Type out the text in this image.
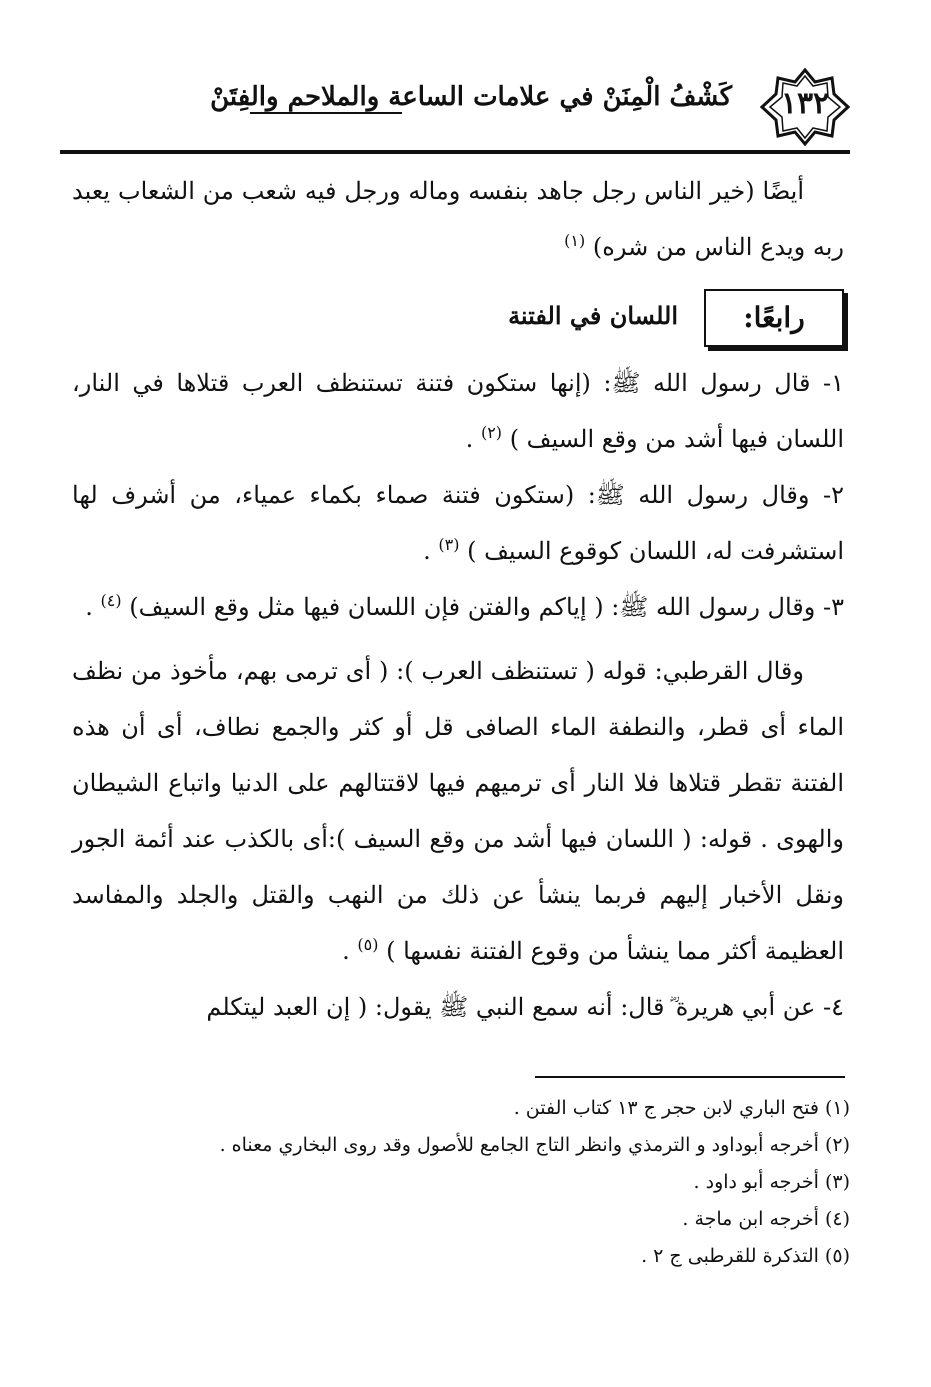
١٣٢
كَشْفُ الْمِنَنْ في علامات الساعة والملاحم والفِتَنْ

أيضًا (خير الناس رجل جاهد بنفسه وماله ورجل فيه شعب من الشعاب يعبد ربه ويدع الناس من شره) $^{(١)}$

رابعًا:
اللسان في الفتنة

١- قال رسول الله ﷺ: (إنها ستكون فتنة تستنظف العرب قتلاها في النار، اللسان فيها أشد من وقع السيف ) $^{(٢)}$ .

٢- وقال رسول الله ﷺ: (ستكون فتنة صماء بكماء عمياء، من أشرف لها استشرفت له، اللسان كوقوع السيف ) $^{(٣)}$ .

٣- وقال رسول الله ﷺ: ( إياكم والفتن فإن اللسان فيها مثل وقع السيف) $^{(٤)}$ .

وقال القرطبي: قوله ( تستنظف العرب ): ( أى ترمى بهم، مأخوذ من نظف الماء أى قطر، والنطفة الماء الصافى قل أو كثر والجمع نطاف، أى أن هذه الفتنة تقطر قتلاها فلا النار أى ترميهم فيها لاقتتالهم على الدنيا واتباع الشيطان والهوى . قوله: ( اللسان فيها أشد من وقع السيف ):أى بالكذب عند أئمة الجور ونقل الأخبار إليهم فربما ينشأ عن ذلك من النهب والقتل والجلد والمفاسد العظيمة أكثر مما ينشأ من وقوع الفتنة نفسها ) $^{(٥)}$ .

٤- عن أبي هريرة ؓ قال: أنه سمع النبي ﷺ يقول: ( إن العبد ليتكلم

(١) فتح الباري لابن حجر ج ١٣ كتاب الفتن .

(٢) أخرجه أبوداود و الترمذي وانظر التاج الجامع للأصول وقد روى البخاري معناه .

(٣) أخرجه أبو داود .

(٤) أخرجه ابن ماجة .

(٥) التذكرة للقرطبى ج ٢ .
